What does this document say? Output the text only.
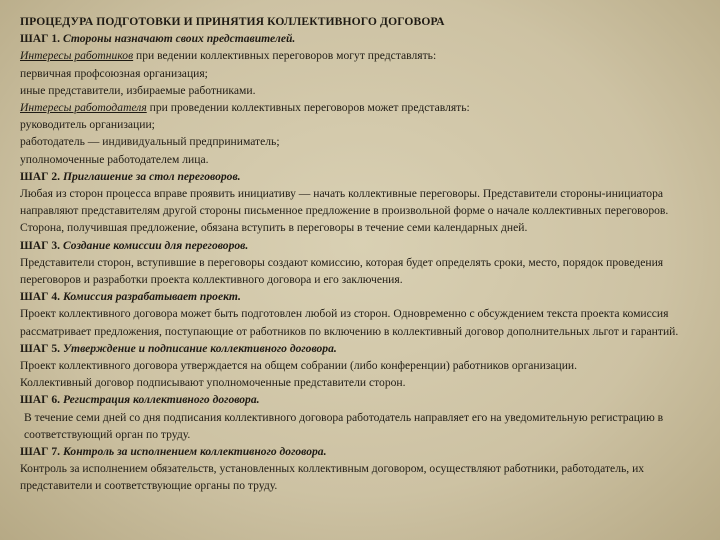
ПРОЦЕДУРА ПОДГОТОВКИ И ПРИНЯТИЯ КОЛЛЕКТИВНОГО ДОГОВОРА

ШАГ 1. Стороны назначают своих представителей.

Интересы работников при ведении коллективных переговоров могут представлять:

первичная профсоюзная организация;

иные представители, избираемые работниками.

Интересы работодателя при проведении коллективных переговоров может представлять:

руководитель организации;

работодатель — индивидуальный предприниматель;

уполномоченные работодателем лица.

ШАГ 2. Приглашение за стол переговоров.

Любая из сторон процесса вправе проявить инициативу — начать коллективные переговоры. Представители стороны-инициатора направляют представителям другой стороны письменное предложение в произвольной форме о начале коллективных переговоров. Сторона, получившая предложение, обязана вступить в переговоры в течение семи календарных дней.

ШАГ 3. Создание комиссии для переговоров.

Представители сторон, вступившие в переговоры создают комиссию, которая будет определять сроки, место, порядок проведения переговоров и разработки проекта коллективного договора и его заключения.

ШАГ 4. Комиссия разрабатывает проект.

Проект коллективного договора может быть подготовлен любой из сторон. Одновременно с обсуждением текста проекта комиссия рассматривает предложения, поступающие от работников по включению в коллективный договор дополнительных льгот и гарантий.

ШАГ 5. Утверждение и подписание коллективного договора.

Проект коллективного договора утверждается на общем собрании (либо конференции) работников организации.

Коллективный договор подписывают уполномоченные представители сторон.

ШАГ 6. Регистрация коллективного договора.

В течение семи дней со дня подписания коллективного договора работодатель направляет его на уведомительную регистрацию в соответствующий орган по труду.

ШАГ 7. Контроль за исполнением коллективного договора.

Контроль за исполнением обязательств, установленных коллективным договором, осуществляют работники, работодатель, их представители и соответствующие органы по труду.
